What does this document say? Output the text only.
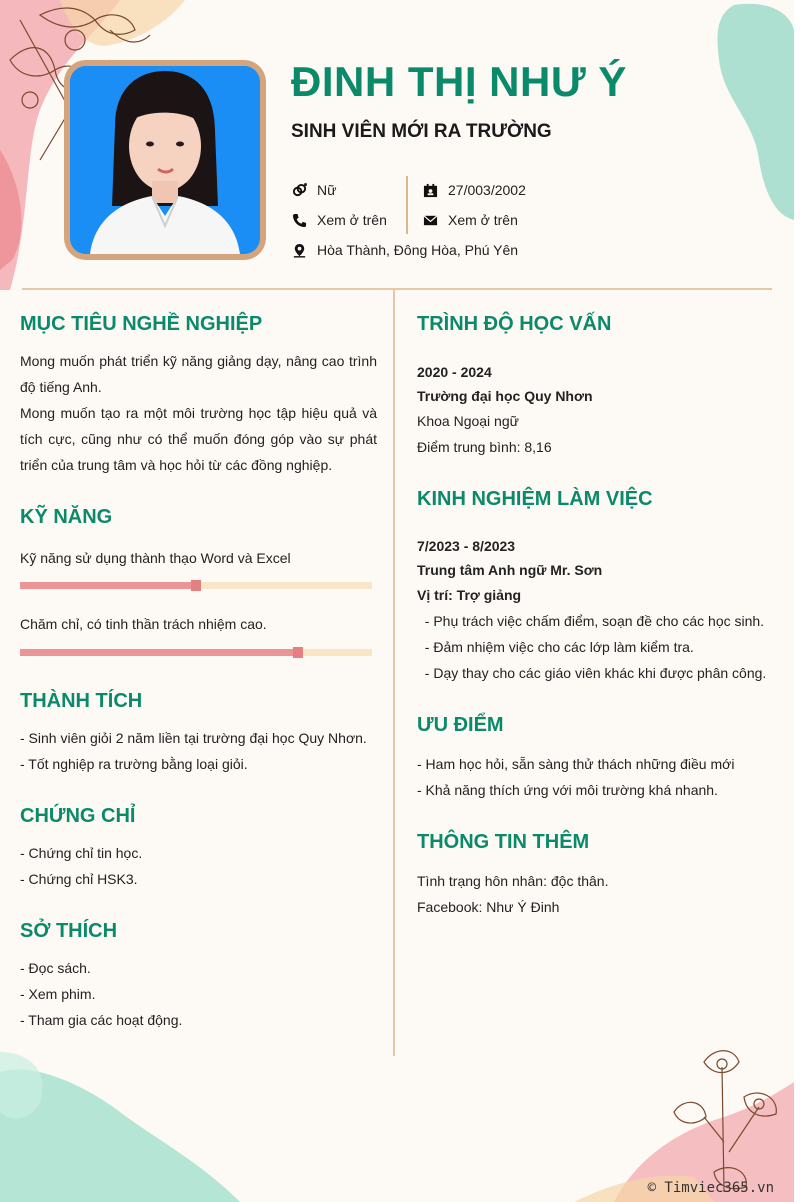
ĐINH THỊ NHƯ Ý
SINH VIÊN MỚI RA TRƯỜNG
Nữ
Xem ở trên
Hòa Thành, Đông Hòa, Phú Yên
27/003/2002
Xem ở trên
MỤC TIÊU NGHỀ NGHIỆP
Mong muốn phát triển kỹ năng giảng dạy, nâng cao trình độ tiếng Anh.
Mong muốn tạo ra một môi trường học tập hiệu quả và tích cực, cũng như có thể muốn đóng góp vào sự phát triển của trung tâm và học hỏi từ các đồng nghiệp.
KỸ NĂNG
Kỹ năng sử dụng thành thạo Word và Excel
Chăm chỉ, có tinh thần trách nhiệm cao.
THÀNH TÍCH
- Sinh viên giỏi 2 năm liền tại trường đại học Quy Nhơn.
- Tốt nghiệp ra trường bằng loại giỏi.
CHỨNG CHỈ
- Chứng chỉ tin học.
- Chứng chỉ HSK3.
SỞ THÍCH
- Đọc sách.
- Xem phim.
- Tham gia các hoạt động.
TRÌNH ĐỘ HỌC VẤN
2020 - 2024
Trường đại học Quy Nhơn
Khoa Ngoại ngữ
Điểm trung bình: 8,16
KINH NGHIỆM LÀM VIỆC
7/2023 - 8/2023
Trung tâm Anh ngữ Mr. Sơn
Vị trí: Trợ giảng
- Phụ trách việc chấm điểm, soạn đề cho các học sinh.
- Đảm nhiệm việc cho các lớp làm kiểm tra.
- Dạy thay cho các giáo viên khác khi được phân công.
ƯU ĐIỂM
- Ham học hỏi, sẵn sàng thử thách những điều mới
- Khả năng thích ứng với môi trường khá nhanh.
THÔNG TIN THÊM
Tình trạng hôn nhân: độc thân.
Facebook: Như Ý Đinh
© Timviec365.vn
